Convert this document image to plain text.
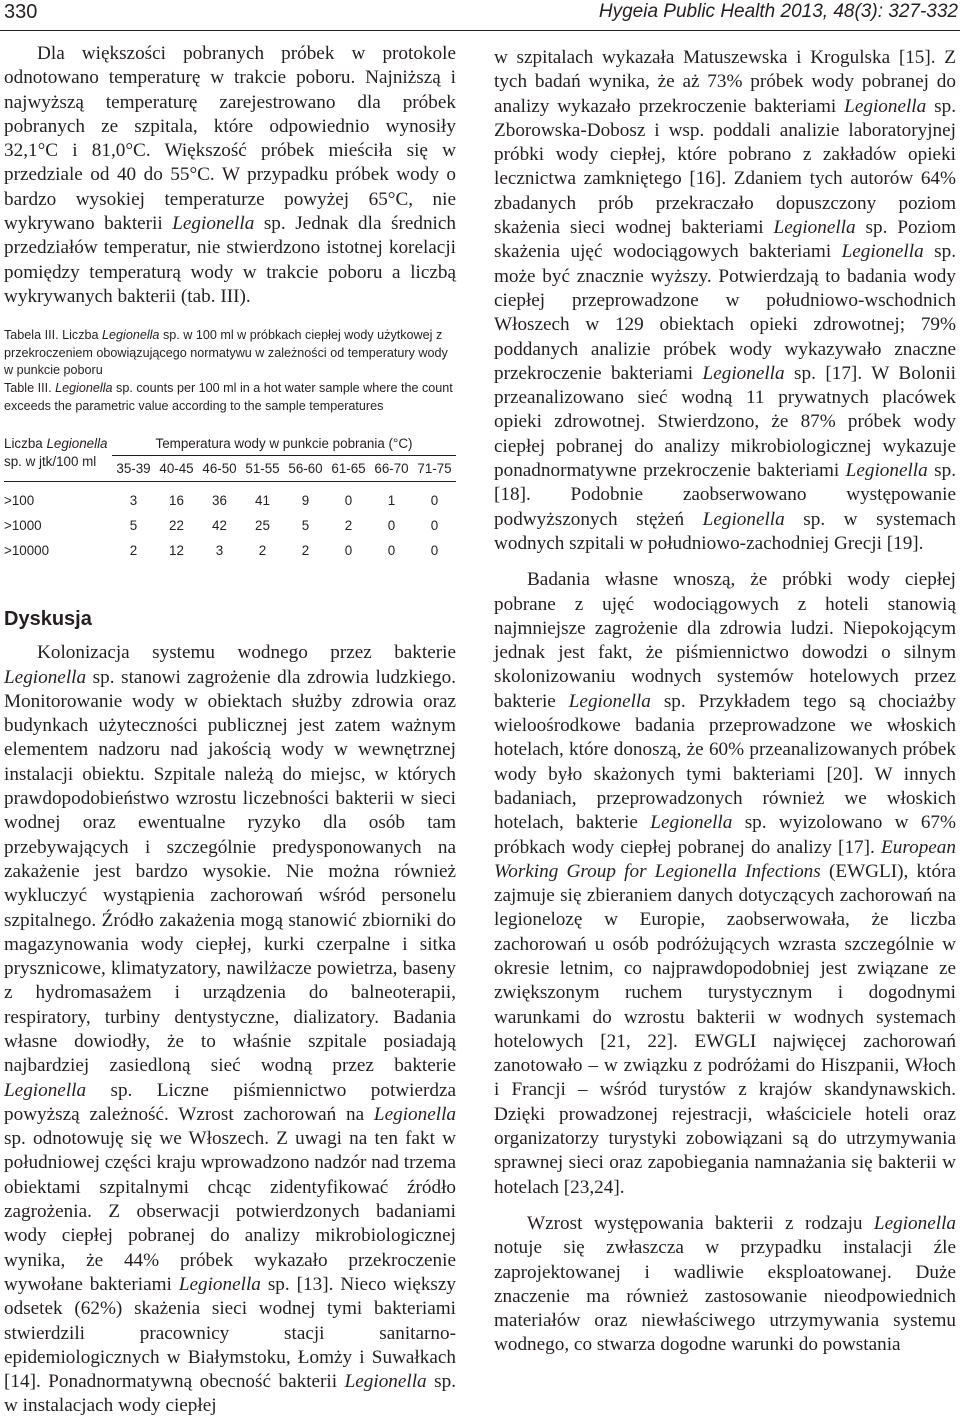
330	Hygeia Public Health 2013, 48(3): 327-332

Dla większości pobranych próbek w protokole odnotowano temperaturę w trakcie poboru. Najniższą i najwyższą temperaturę zarejestrowano dla próbek pobranych ze szpitala, które odpowiednio wynosiły 32,1°C i 81,0°C. Większość próbek mieściła się w przedziale od 40 do 55°C. W przypadku próbek wody o bardzo wysokiej temperaturze powyżej 65°C, nie wykrywano bakterii Legionella sp. Jednak dla średnich przedziałów temperatur, nie stwierdzono istotnej korelacji pomiędzy temperaturą wody w trakcie poboru a liczbą wykrywanych bakterii (tab. III).

Tabela III. Liczba Legionella sp. w 100 ml w próbkach ciepłej wody użytkowej z przekroczeniem obowiązującego normatywu w zależności od temperatury wody w punkcie poboru
Table III. Legionella sp. counts per 100 ml in a hot water sample where the count exceeds the parametric value according to the sample temperatures
Liczba Legionella
sp. w jtk/100 ml	Temperatura wody w punkcie pobrania (°C)							
	35-39	40-45	46-50	51-55	56-60	61-65	66-70	71-75
>100	3	16	36	41	9	0	1	0
>1000	5	22	42	25	5	2	0	0
>10000	2	12	3	2	2	0	0	0
Dyskusja

Kolonizacja systemu wodnego przez bakterie Legionella sp. stanowi zagrożenie dla zdrowia ludzkiego. Monitorowanie wody w obiektach służby zdrowia oraz budynkach użyteczności publicznej jest zatem ważnym elementem nadzoru nad jakością wody w wewnętrznej instalacji obiektu. Szpitale należą do miejsc, w których prawdopodobieństwo wzrostu liczebności bakterii w sieci wodnej oraz ewentualne ryzyko dla osób tam przebywających i szczególnie predysponowanych na zakażenie jest bardzo wysokie. Nie można również wykluczyć wystąpienia zachorowań wśród personelu szpitalnego. Źródło zakażenia mogą stanowić zbiorniki do magazynowania wody ciepłej, kurki czerpalne i sitka prysznicowe, klimatyzatory, nawilżacze powietrza, baseny z hydromasażem i urządzenia do balneoterapii, respiratory, turbiny dentystyczne, dializatory. Badania własne dowiodły, że to właśnie szpitale posiadają najbardziej zasiedloną sieć wodną przez bakterie Legionella sp. Liczne piśmiennictwo potwierdza powyższą zależność. Wzrost zachorowań na Legionella sp. odnotowuję się we Włoszech. Z uwagi na ten fakt w południowej części kraju wprowadzono nadzór nad trzema obiektami szpitalnymi chcąc zidentyfikować źródło zagrożenia. Z obserwacji potwierdzonych badaniami wody ciepłej pobranej do analizy mikrobiologicznej wynika, że 44% próbek wykazało przekroczenie wywołane bakteriami Legionella sp. [13]. Nieco większy odsetek (62%) skażenia sieci wodnej tymi bakteriami stwierdzili pracownicy stacji sanitarno-epidemiologicznych w Białymstoku, Łomży i Suwałkach [14]. Ponadnormatywną obecność bakterii Legionella sp. w instalacjach wody ciepłej

w szpitalach wykazała Matuszewska i Krogulska [15]. Z tych badań wynika, że aż 73% próbek wody pobranej do analizy wykazało przekroczenie bakteriami Legionella sp. Zborowska-Dobosz i wsp. poddali analizie laboratoryjnej próbki wody ciepłej, które pobrano z zakładów opieki lecznictwa zamkniętego [16]. Zdaniem tych autorów 64% zbadanych prób przekraczało dopuszczony poziom skażenia sieci wodnej bakteriami Legionella sp. Poziom skażenia ujęć wodociągowych bakteriami Legionella sp. może być znacznie wyższy. Potwierdzają to badania wody ciepłej przeprowadzone w południowo-wschodnich Włoszech w 129 obiektach opieki zdrowotnej; 79% poddanych analizie próbek wody wykazywało znaczne przekroczenie bakteriami Legionella sp. [17]. W Bolonii przeanalizowano sieć wodną 11 prywatnych placówek opieki zdrowotnej. Stwierdzono, że 87% próbek wody ciepłej pobranej do analizy mikrobiologicznej wykazuje ponadnormatywne przekroczenie bakteriami Legionella sp. [18]. Podobnie zaobserwowano występowanie podwyższonych stężeń Legionella sp. w systemach wodnych szpitali w południowo-zachodniej Grecji [19].

Badania własne wnoszą, że próbki wody ciepłej pobrane z ujęć wodociągowych z hoteli stanowią najmniejsze zagrożenie dla zdrowia ludzi. Niepokojącym jednak jest fakt, że piśmiennictwo dowodzi o silnym skolonizowaniu wodnych systemów hotelowych przez bakterie Legionella sp. Przykładem tego są chociażby wieloośrodkowe badania przeprowadzone we włoskich hotelach, które donoszą, że 60% przeanalizowanych próbek wody było skażonych tymi bakteriami [20]. W innych badaniach, przeprowadzonych również we włoskich hotelach, bakterie Legionella sp. wyizolowano w 67% próbkach wody ciepłej pobranej do analizy [17]. European Working Group for Legionella Infections (EWGLI), która zajmuje się zbieraniem danych dotyczących zachorowań na legionelozę w Europie, zaobserwowała, że liczba zachorowań u osób podróżujących wzrasta szczególnie w okresie letnim, co najprawdopodobniej jest związane ze zwiększonym ruchem turystycznym i dogodnymi warunkami do wzrostu bakterii w wodnych systemach hotelowych [21, 22]. EWGLI najwięcej zachorowań zanotowało – w związku z podróżami do Hiszpanii, Włoch i Francji – wśród turystów z krajów skandynawskich. Dzięki prowadzonej rejestracji, właściciele hoteli oraz organizatorzy turystyki zobowiązani są do utrzymywania sprawnej sieci oraz zapobiegania namnażania się bakterii w hotelach [23,24].

Wzrost występowania bakterii z rodzaju Legionella notuje się zwłaszcza w przypadku instalacji źle zaprojektowanej i wadliwie eksploatowanej. Duże znaczenie ma również zastosowanie nieodpowiednich materiałów oraz niewłaściwego utrzymywania systemu wodnego, co stwarza dogodne warunki do powstania
